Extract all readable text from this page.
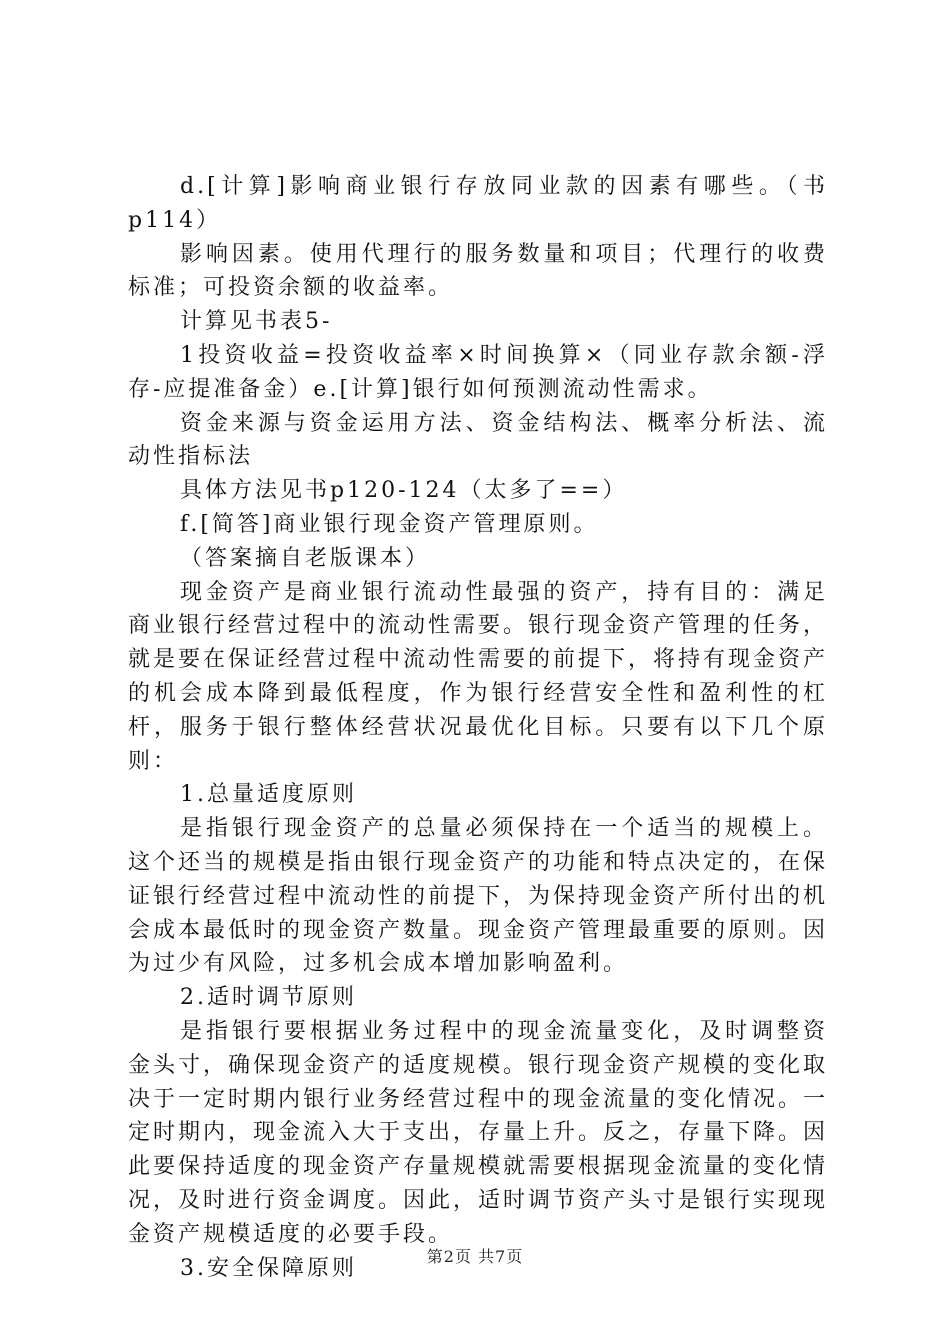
d.[计算]影响商业银行存放同业款的因素有哪些。（书p114）

影响因素。使用代理行的服务数量和项目；代理行的收费标准；可投资余额的收益率。

计算见书表5-

1投资收益=投资收益率×时间换算×（同业存款余额-浮存-应提准备金）e.[计算]银行如何预测流动性需求。

资金来源与资金运用方法、资金结构法、概率分析法、流动性指标法

具体方法见书p120-124（太多了==）

f.[简答]商业银行现金资产管理原则。

（答案摘自老版课本）

现金资产是商业银行流动性最强的资产，持有目的：满足商业银行经营过程中的流动性需要。银行现金资产管理的任务，就是要在保证经营过程中流动性需要的前提下，将持有现金资产的机会成本降到最低程度，作为银行经营安全性和盈利性的杠杆，服务于银行整体经营状况最优化目标。只要有以下几个原则：

1.总量适度原则

是指银行现金资产的总量必须保持在一个适当的规模上。这个还当的规模是指由银行现金资产的功能和特点决定的，在保证银行经营过程中流动性的前提下，为保持现金资产所付出的机会成本最低时的现金资产数量。现金资产管理最重要的原则。因为过少有风险，过多机会成本增加影响盈利。

2.适时调节原则

是指银行要根据业务过程中的现金流量变化，及时调整资金头寸，确保现金资产的适度规模。银行现金资产规模的变化取决于一定时期内银行业务经营过程中的现金流量的变化情况。一定时期内，现金流入大于支出，存量上升。反之，存量下降。因此要保持适度的现金资产存量规模就需要根据现金流量的变化情况，及时进行资金调度。因此，适时调节资产头寸是银行实现现金资产规模适度的必要手段。

3.安全保障原则	第2页 共7页
